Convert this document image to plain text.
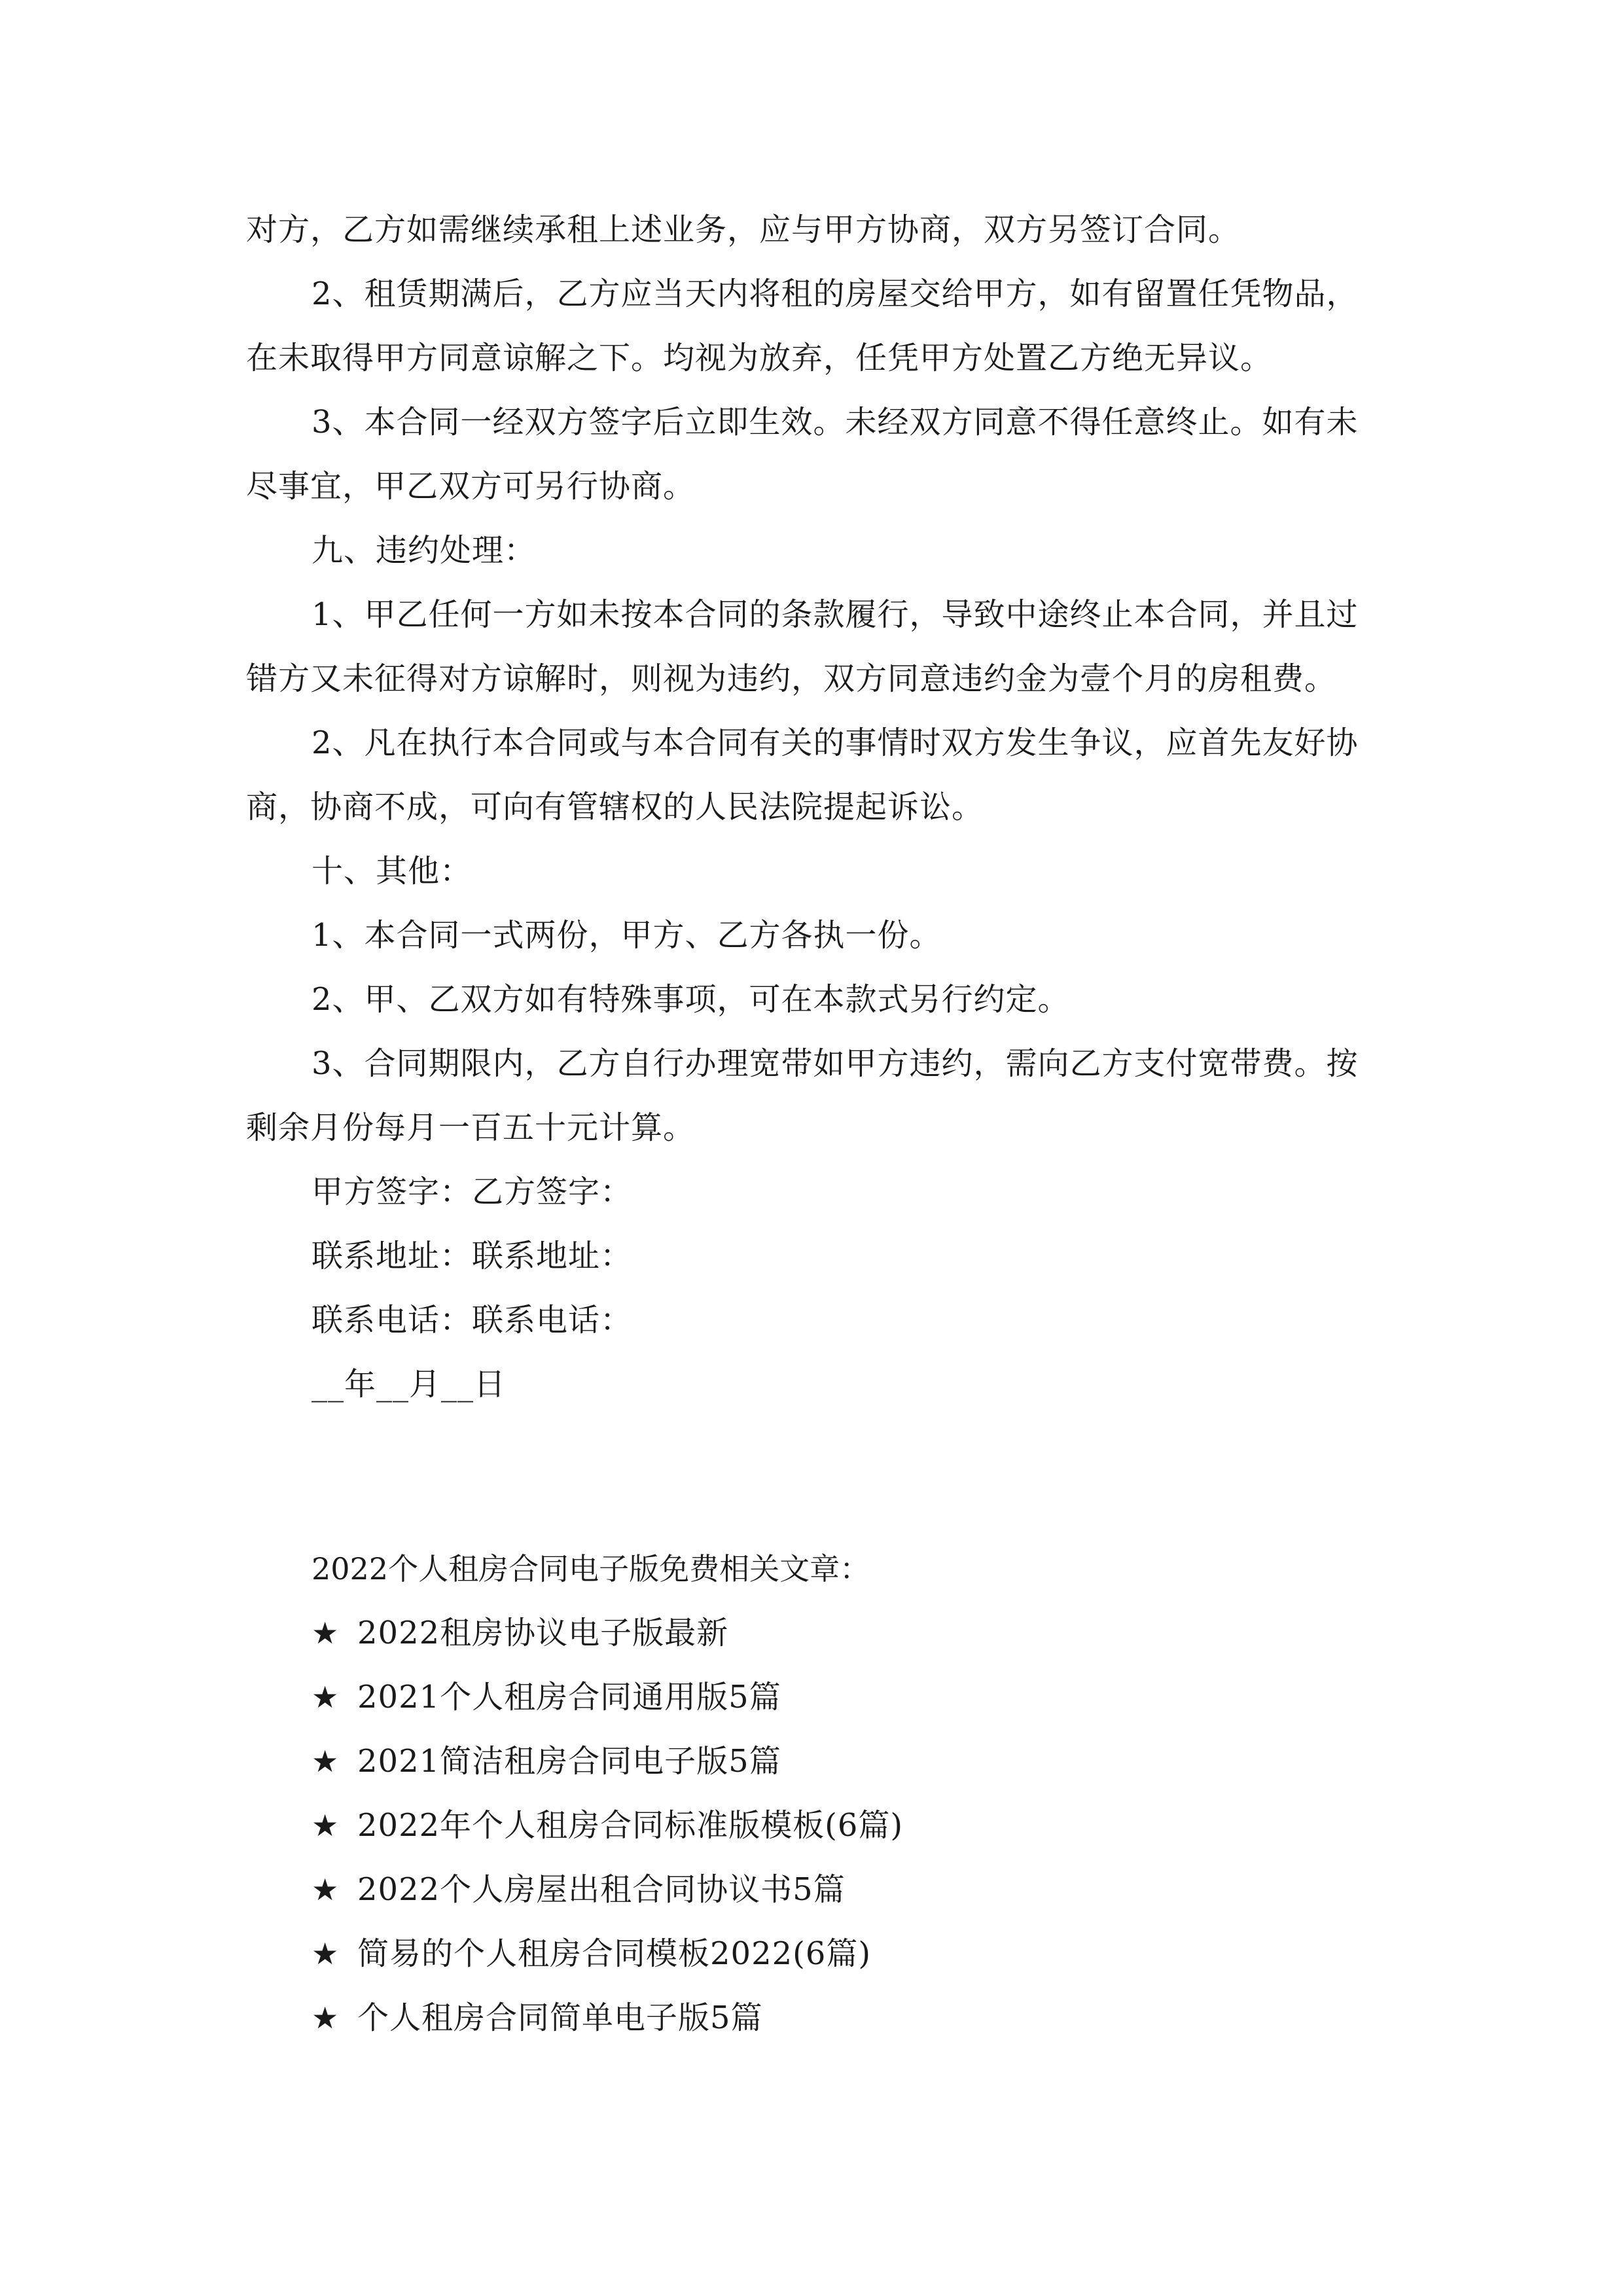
对方，乙方如需继续承租上述业务，应与甲方协商，双方另签订合同。

2、租赁期满后，乙方应当天内将租的房屋交给甲方，如有留置任凭物品，在未取得甲方同意谅解之下。均视为放弃，任凭甲方处置乙方绝无异议。

3、本合同一经双方签字后立即生效。未经双方同意不得任意终止。如有未尽事宜，甲乙双方可另行协商。

九、违约处理：

1、甲乙任何一方如未按本合同的条款履行，导致中途终止本合同，并且过错方又未征得对方谅解时，则视为违约，双方同意违约金为壹个月的房租费。

2、凡在执行本合同或与本合同有关的事情时双方发生争议，应首先友好协商，协商不成，可向有管辖权的人民法院提起诉讼。

十、其他：

1、本合同一式两份，甲方、乙方各执一份。

2、甲、乙双方如有特殊事项，可在本款式另行约定。

3、合同期限内，乙方自行办理宽带如甲方违约，需向乙方支付宽带费。按剩余月份每月一百五十元计算。

甲方签字：乙方签字：

联系地址：联系地址：

联系电话：联系电话：

__年__月__日

2022个人租房合同电子版免费相关文章：

★ 2022租房协议电子版最新

★ 2021个人租房合同通用版5篇

★ 2021简洁租房合同电子版5篇

★ 2022年个人租房合同标准版模板(6篇)

★ 2022个人房屋出租合同协议书5篇

★ 简易的个人租房合同模板2022(6篇)

★ 个人租房合同简单电子版5篇
